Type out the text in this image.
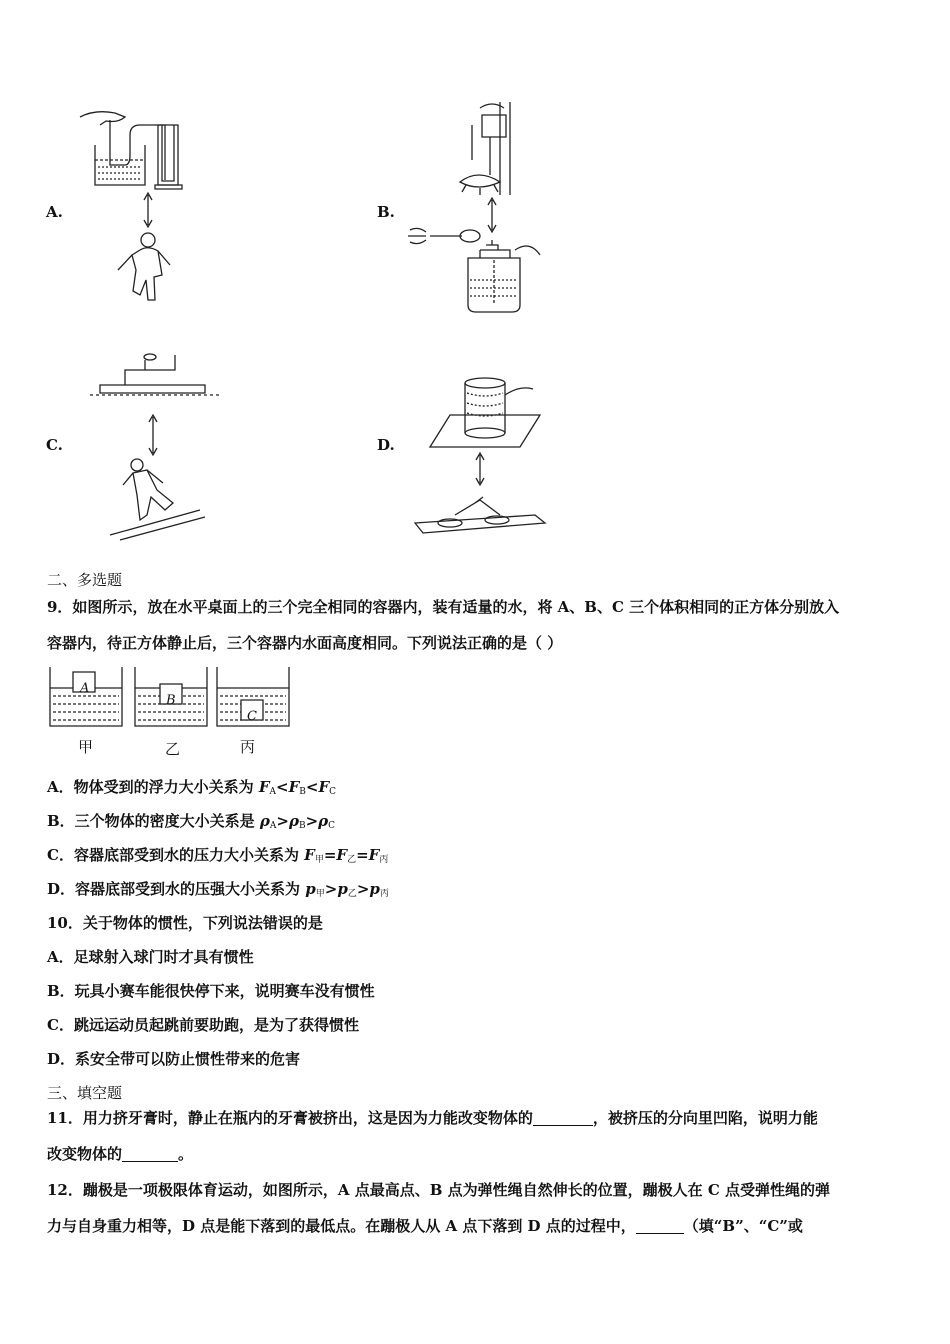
A.	B.
C.	D.
二、多选题
9．如图所示，放在水平桌面上的三个完全相同的容器内，装有适量的水，将 A、B、C 三个体积相同的正方体分别放入
容器内，待正方体静止后，三个容器内水面高度相同。下列说法正确的是（ ）
A
B
C
甲	乙	丙
A．物体受到的浮力大小关系为 $F_A<F_B<F_C$
B．三个物体的密度大小关系是 $\rho_A>\rho_B>\rho_C$
C．容器底部受到水的压力大小关系为 $F_甲=F_乙=F_丙$
D．容器底部受到水的压强大小关系为 $p_甲>p_乙>p_丙$
10．关于物体的惯性，下列说法错误的是
A．足球射入球门时才具有惯性
B．玩具小赛车能很快停下来，说明赛车没有惯性
C．跳远运动员起跳前要助跑，是为了获得惯性
D．系安全带可以防止惯性带来的危害
三、填空题
11．用力挤牙膏时，静止在瓶内的牙膏被挤出，这是因为力能改变物体的	，被挤压的分向里凹陷，说明力能
改变物体的	。
12．蹦极是一项极限体育运动，如图所示，A 点最高点、B 点为弹性绳自然伸长的位置，蹦极人在 C 点受弹性绳的弹
力与自身重力相等，D 点是能下落到的最低点。在蹦极人从 A 点下落到 D 点的过程中，	（填“B”、“C”或
